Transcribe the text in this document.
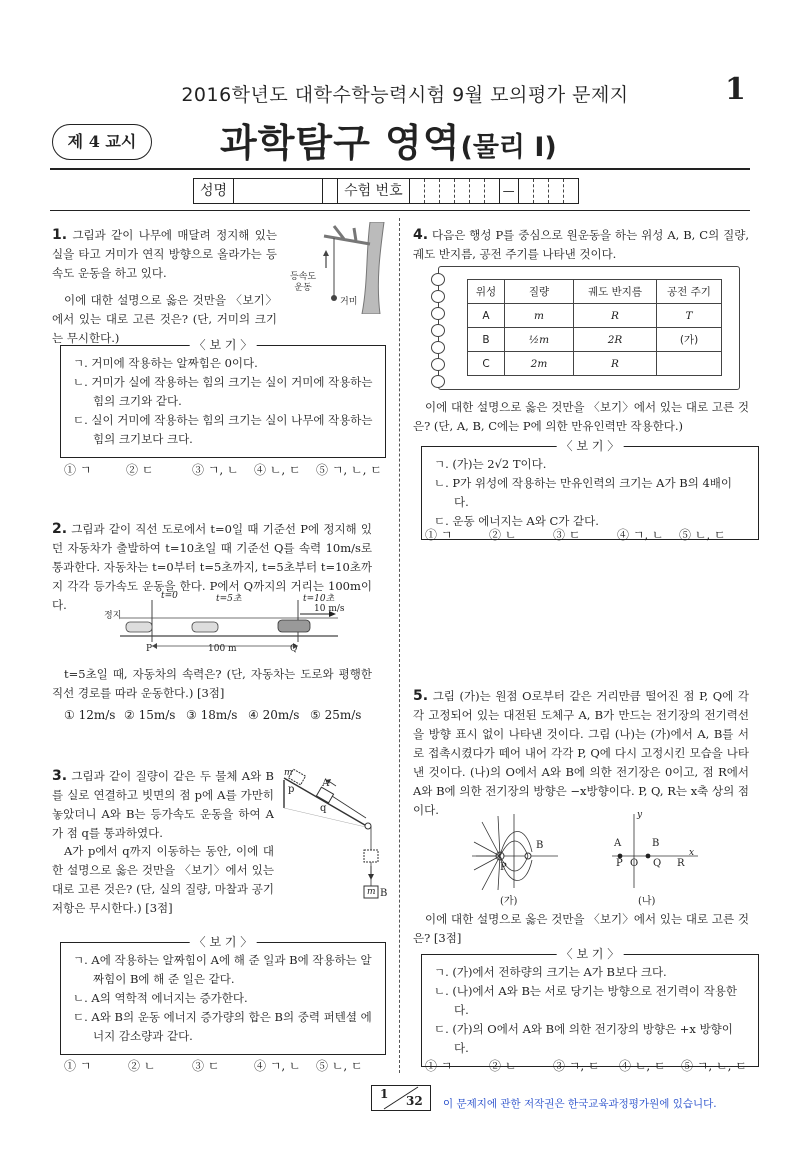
2016학년도 대학수학능력시험 9월 모의평가 문제지	1
제 4 교시	과학탐구 영역(물리 I)
성명	수험 번호	—
1. 그림과 같이 나무에 매달려 정지해 있는 실을 타고 거미가 연직 방향으로 올라가는 등속도 운동을 하고 있다.
이에 대한 설명으로 옳은 것만을 〈보기〉에서 있는 대로 고른 것은? (단, 거미의 크기는 무시한다.)
등속도
운동
거미
〈 보 기 〉
ㄱ. 거미에 작용하는 알짜힘은 0이다.
ㄴ. 거미가 실에 작용하는 힘의 크기는 실이 거미에 작용하는 힘의 크기와 같다.
ㄷ. 실이 거미에 작용하는 힘의 크기는 실이 나무에 작용하는 힘의 크기보다 크다.
① ㄱ	② ㄷ	③ ㄱ, ㄴ	④ ㄴ, ㄷ	⑤ ㄱ, ㄴ, ㄷ
2. 그림과 같이 직선 도로에서 t=0일 때 기준선 P에 정지해 있던 자동차가 출발하여 t=10초일 때 기준선 Q를 속력 10m/s로 통과한다. 자동차는 t=0부터 t=5초까지, t=5초부터 t=10초까지 각각 등가속도 운동을 한다. P에서 Q까지의 거리는 100m이다.
t=0	t=5초	t=10초
10 m/s
정지
P	Q
100 m
t=5초일 때, 자동차의 속력은? (단, 자동차는 도로와 평행한 직선 경로를 따라 운동한다.) [3점]
① 12m/s ② 15m/s ③ 18m/s ④ 20m/s ⑤ 25m/s
3. 그림과 같이 질량이 같은 두 물체 A와 B를 실로 연결하고 빗면의 점 p에 A를 가만히 놓았더니 A와 B는 등가속도 운동을 하여 A가 점 q를 통과하였다.
A가 p에서 q까지 이동하는 동안, 이에 대한 설명으로 옳은 것만을 〈보기〉에서 있는 대로 고른 것은? (단, 실의 질량, 마찰과 공기 저항은 무시한다.) [3점]
m
p
A
q
m B
〈 보 기 〉
ㄱ. A에 작용하는 알짜힘이 A에 해 준 일과 B에 작용하는 알짜힘이 B에 해 준 일은 같다.
ㄴ. A의 역학적 에너지는 증가한다.
ㄷ. A와 B의 운동 에너지 증가량의 합은 B의 중력 퍼텐셜 에너지 감소량과 같다.
① ㄱ	② ㄴ	③ ㄷ	④ ㄱ, ㄴ	⑤ ㄴ, ㄷ
4. 다음은 행성 P를 중심으로 원운동을 하는 위성 A, B, C의 질량, 궤도 반지름, 공전 주기를 나타낸 것이다.
위성	질량	궤도 반지름	공전 주기
A	m	R	T
B	½m	2R	(가)
C	2m	R	
이에 대한 설명으로 옳은 것만을 〈보기〉에서 있는 대로 고른 것은? (단, A, B, C에는 P에 의한 만유인력만 작용한다.)
〈 보 기 〉
ㄱ. (가)는 2√2 T이다.
ㄴ. P가 위성에 작용하는 만유인력의 크기는 A가 B의 4배이다.
ㄷ. 운동 에너지는 A와 C가 같다.
① ㄱ	② ㄴ	③ ㄷ	④ ㄱ, ㄴ	⑤ ㄴ, ㄷ
5. 그림 (가)는 원점 O로부터 같은 거리만큼 떨어진 점 P, Q에 각각 고정되어 있는 대전된 도체구 A, B가 만드는 전기장의 전기력선을 방향 표시 없이 나타낸 것이다. 그림 (나)는 (가)에서 A, B를 서로 접촉시켰다가 떼어 내어 각각 P, Q에 다시 고정시킨 모습을 나타낸 것이다. (나)의 O에서 A와 B에 의한 전기장은 0이고, 점 R에서 A와 B에 의한 전기장의 방향은 −x방향이다. P, Q, R는 x축 상의 점이다.
P
B	A	B
P O Q R
x
y
(가)	(나)
이에 대한 설명으로 옳은 것만을 〈보기〉에서 있는 대로 고른 것은? [3점]
〈 보 기 〉
ㄱ. (가)에서 전하량의 크기는 A가 B보다 크다.
ㄴ. (나)에서 A와 B는 서로 당기는 방향으로 전기력이 작용한다.
ㄷ. (가)의 O에서 A와 B에 의한 전기장의 방향은 +x 방향이다.
① ㄱ	② ㄴ	③ ㄱ, ㄷ	④ ㄴ, ㄷ	⑤ ㄱ, ㄴ, ㄷ
1 32 이 문제지에 관한 저작권은 한국교육과정평가원에 있습니다.
